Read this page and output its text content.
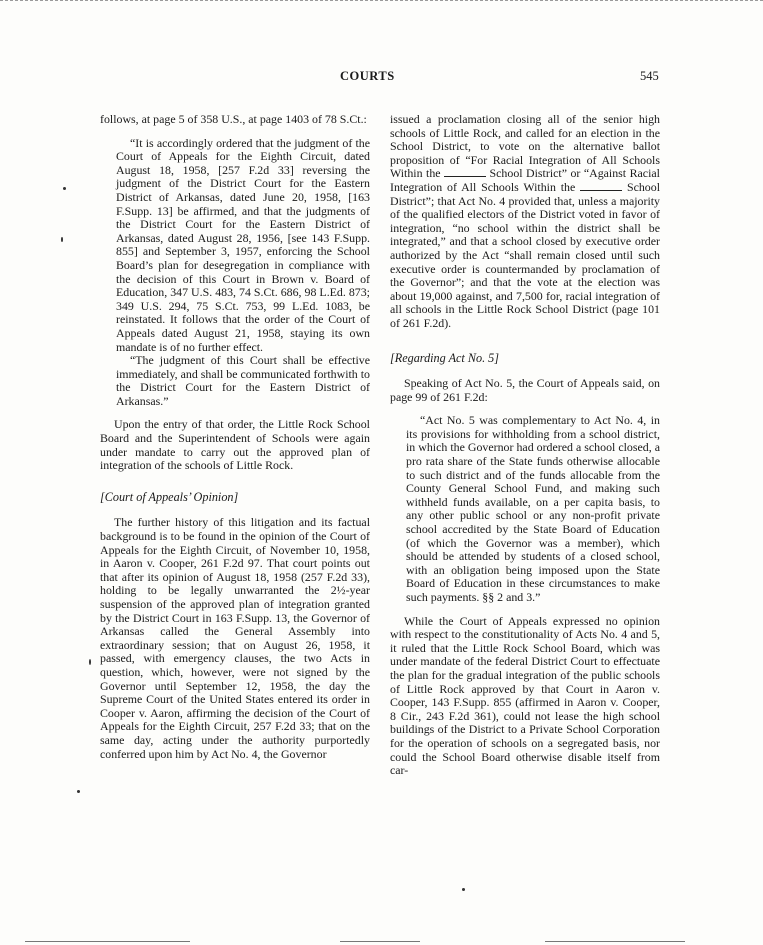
COURTS	545

follows, at page 5 of 358 U.S., at page 1403 of 78 S.Ct.:

“It is accordingly ordered that the judgment of the Court of Appeals for the Eighth Circuit, dated August 18, 1958, [257 F.2d 33] reversing the judgment of the District Court for the Eastern District of Arkansas, dated June 20, 1958, [163 F.Supp. 13] be affirmed, and that the judgments of the District Court for the Eastern District of Arkansas, dated August 28, 1956, [see 143 F.Supp. 855] and September 3, 1957, enforcing the School Board’s plan for desegregation in compliance with the decision of this Court in Brown v. Board of Education, 347 U.S. 483, 74 S.Ct. 686, 98 L.Ed. 873; 349 U.S. 294, 75 S.Ct. 753, 99 L.Ed. 1083, be reinstated. It follows that the order of the Court of Appeals dated August 21, 1958, staying its own mandate is of no further effect.

“The judgment of this Court shall be effective immediately, and shall be communicated forthwith to the District Court for the Eastern District of Arkansas.”

Upon the entry of that order, the Little Rock School Board and the Superintendent of Schools were again under mandate to carry out the approved plan of integration of the schools of Little Rock.

[Court of Appeals’ Opinion]

The further history of this litigation and its factual background is to be found in the opinion of the Court of Appeals for the Eighth Circuit, of November 10, 1958, in Aaron v. Cooper, 261 F.2d 97. That court points out that after its opinion of August 18, 1958 (257 F.2d 33), holding to be legally unwarranted the 2½-year suspension of the approved plan of integration granted by the District Court in 163 F.Supp. 13, the Governor of Arkansas called the General Assembly into extraordinary session; that on August 26, 1958, it passed, with emergency clauses, the two Acts in question, which, however, were not signed by the Governor until September 12, 1958, the day the Supreme Court of the United States entered its order in Cooper v. Aaron, affirming the decision of the Court of Appeals for the Eighth Circuit, 257 F.2d 33; that on the same day, acting under the authority purportedly conferred upon him by Act No. 4, the Governor

issued a proclamation closing all of the senior high schools of Little Rock, and called for an election in the School District, to vote on the alternative ballot proposition of “For Racial Integration of All Schools Within the	School District” or “Against Racial Integration of All Schools Within the	School District”; that Act No. 4 provided that, unless a majority of the qualified electors of the District voted in favor of integration, “no school within the district shall be integrated,” and that a school closed by executive order authorized by the Act “shall remain closed until such executive order is countermanded by proclamation of the Governor”; and that the vote at the election was about 19,000 against, and 7,500 for, racial integration of all schools in the Little Rock School District (page 101 of 261 F.2d).

[Regarding Act No. 5]

Speaking of Act No. 5, the Court of Appeals said, on page 99 of 261 F.2d:

“Act No. 5 was complementary to Act No. 4, in its provisions for withholding from a school district, in which the Governor had ordered a school closed, a pro rata share of the State funds otherwise allocable to such district and of the funds allocable from the County General School Fund, and making such withheld funds available, on a per capita basis, to any other public school or any non-profit private school accredited by the State Board of Education (of which the Governor was a member), which should be attended by students of a closed school, with an obligation being imposed upon the State Board of Education in these circumstances to make such payments. §§ 2 and 3.”

While the Court of Appeals expressed no opinion with respect to the constitutionality of Acts No. 4 and 5, it ruled that the Little Rock School Board, which was under mandate of the federal District Court to effectuate the plan for the gradual integration of the public schools of Little Rock approved by that Court in Aaron v. Cooper, 143 F.Supp. 855 (affirmed in Aaron v. Cooper, 8 Cir., 243 F.2d 361), could not lease the high school buildings of the District to a Private School Corporation for the operation of schools on a segregated basis, nor could the School Board otherwise disable itself from car-
